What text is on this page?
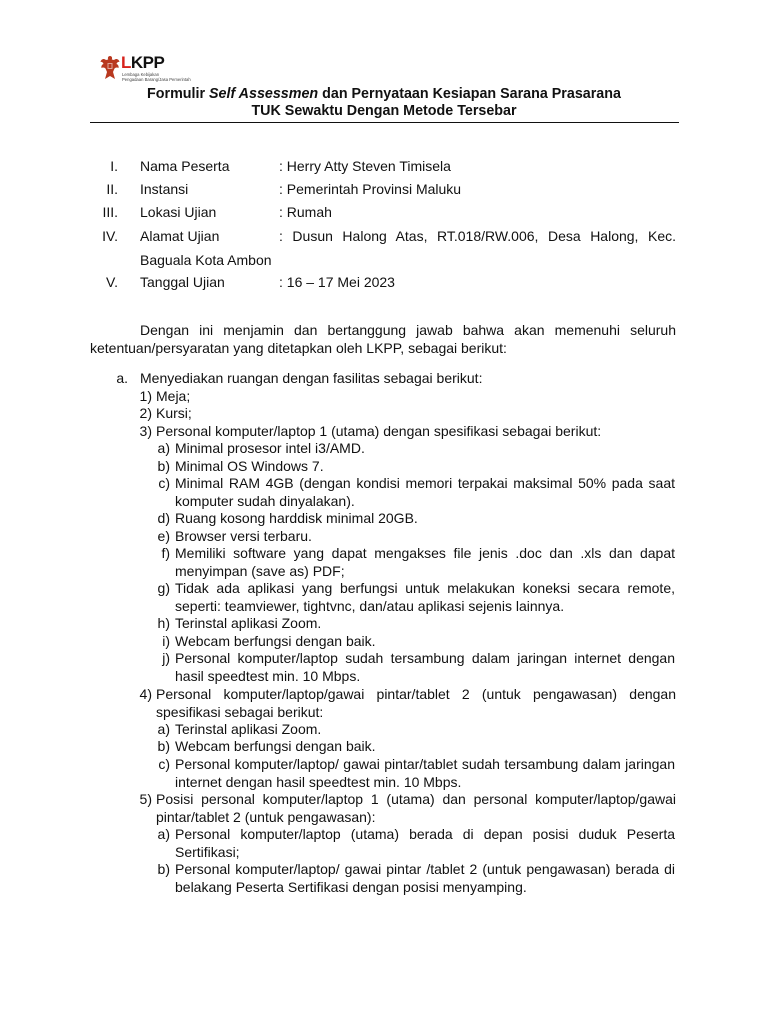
LKPP
Lembaga Kebijakan
Pengadaan Barang/Jasa Pemerintah
Formulir Self Assessmen dan Pernyataan Kesiapan Sarana Prasarana
TUK Sewaktu Dengan Metode Tersebar
I. Nama Peserta	: Herry Atty Steven Timisela
II. Instansi	: Pemerintah Provinsi Maluku
III. Lokasi Ujian	: Rumah
IV. Alamat Ujian	: Dusun Halong Atas, RT.018/RW.006, Desa Halong, Kec.
Baguala Kota Ambon
V. Tanggal Ujian	: 16 – 17 Mei 2023

Dengan ini menjamin dan bertanggung jawab bahwa akan memenuhi seluruh ketentuan/persyaratan yang ditetapkan oleh LKPP, sebagai berikut:

a. Menyediakan ruangan dengan fasilitas sebagai berikut:
1) Meja;
2) Kursi;
3) Personal komputer/laptop 1 (utama) dengan spesifikasi sebagai berikut:
a) Minimal prosesor intel i3/AMD.
b) Minimal OS Windows 7.
c) Minimal RAM 4GB (dengan kondisi memori terpakai maksimal 50% pada saat komputer sudah dinyalakan).
d) Ruang kosong harddisk minimal 20GB.
e) Browser versi terbaru.
f) Memiliki software yang dapat mengakses file jenis .doc dan .xls dan dapat menyimpan (save as) PDF;
g) Tidak ada aplikasi yang berfungsi untuk melakukan koneksi secara remote, seperti: teamviewer, tightvnc, dan/atau aplikasi sejenis lainnya.
h) Terinstal aplikasi Zoom.
i) Webcam berfungsi dengan baik.
j) Personal komputer/laptop sudah tersambung dalam jaringan internet dengan hasil speedtest min. 10 Mbps.
4) Personal komputer/laptop/gawai pintar/tablet 2 (untuk pengawasan) dengan spesifikasi sebagai berikut:
a) Terinstal aplikasi Zoom.
b) Webcam berfungsi dengan baik.
c) Personal komputer/laptop/ gawai pintar/tablet sudah tersambung dalam jaringan internet dengan hasil speedtest min. 10 Mbps.
5) Posisi personal komputer/laptop 1 (utama) dan personal komputer/laptop/gawai pintar/tablet 2 (untuk pengawasan):
a) Personal komputer/laptop (utama) berada di depan posisi duduk Peserta Sertifikasi;
b) Personal komputer/laptop/ gawai pintar /tablet 2 (untuk pengawasan) berada di belakang Peserta Sertifikasi dengan posisi menyamping.
